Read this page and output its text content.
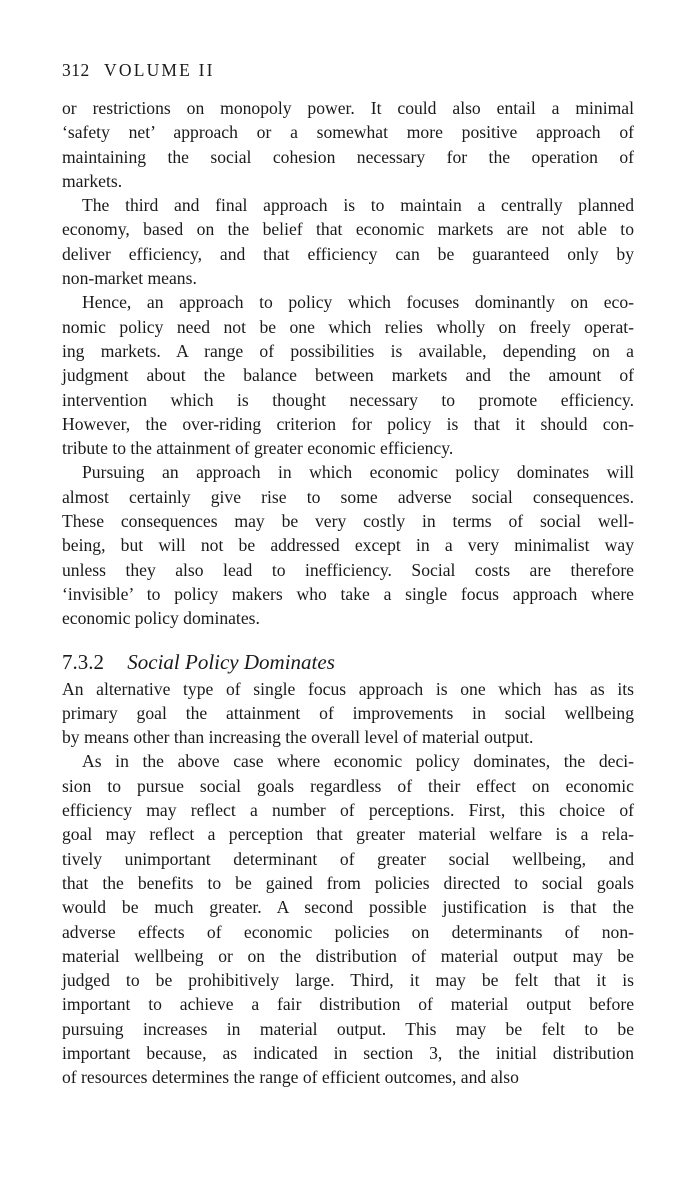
312 VOLUME II
or restrictions on monopoly power. It could also entail a minimal
‘safety net’ approach or a somewhat more positive approach of
maintaining the social cohesion necessary for the operation of
markets.
The third and final approach is to maintain a centrally planned
economy, based on the belief that economic markets are not able to
deliver efficiency, and that efficiency can be guaranteed only by
non-market means.
Hence, an approach to policy which focuses dominantly on eco-
nomic policy need not be one which relies wholly on freely operat-
ing markets. A range of possibilities is available, depending on a
judgment about the balance between markets and the amount of
intervention which is thought necessary to promote efficiency.
However, the over-riding criterion for policy is that it should con-
tribute to the attainment of greater economic efficiency.
Pursuing an approach in which economic policy dominates will
almost certainly give rise to some adverse social consequences.
These consequences may be very costly in terms of social well-
being, but will not be addressed except in a very minimalist way
unless they also lead to inefficiency. Social costs are therefore
‘invisible’ to policy makers who take a single focus approach where
economic policy dominates.
7.3.2 Social Policy Dominates
An alternative type of single focus approach is one which has as its
primary goal the attainment of improvements in social wellbeing
by means other than increasing the overall level of material output.
As in the above case where economic policy dominates, the deci-
sion to pursue social goals regardless of their effect on economic
efficiency may reflect a number of perceptions. First, this choice of
goal may reflect a perception that greater material welfare is a rela-
tively unimportant determinant of greater social wellbeing, and
that the benefits to be gained from policies directed to social goals
would be much greater. A second possible justification is that the
adverse effects of economic policies on determinants of non-
material wellbeing or on the distribution of material output may be
judged to be prohibitively large. Third, it may be felt that it is
important to achieve a fair distribution of material output before
pursuing increases in material output. This may be felt to be
important because, as indicated in section 3, the initial distribution
of resources determines the range of efficient outcomes, and also
